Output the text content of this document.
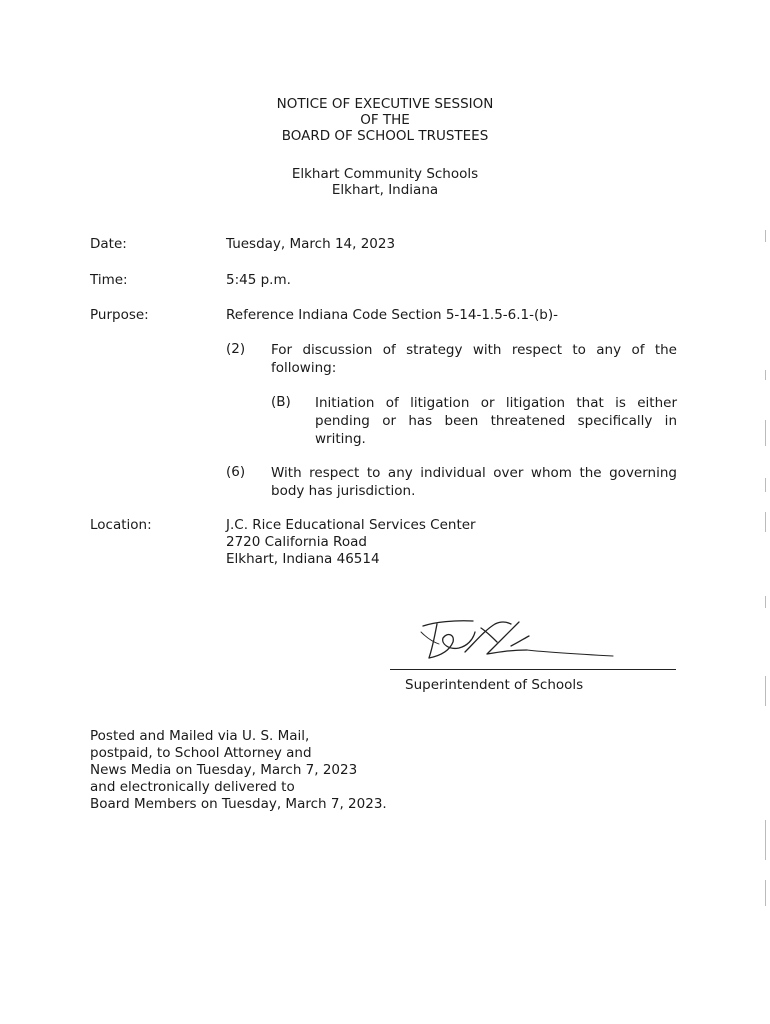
NOTICE OF EXECUTIVE SESSION
OF THE
BOARD OF SCHOOL TRUSTEES
Elkhart Community Schools
Elkhart, Indiana
Date:	Tuesday, March 14, 2023
Time:	5:45 p.m.
Purpose:	Reference Indiana Code Section 5-14-1.5-6.1-(b)-
(2) For discussion of strategy with respect to any of the following:
(B) Initiation of litigation or litigation that is either pending or has been threatened specifically in writing.
(6) With respect to any individual over whom the governing body has jurisdiction.
Location:	J.C. Rice Educational Services Center
2720 California Road
Elkhart, Indiana 46514
Superintendent of Schools
Posted and Mailed via U. S. Mail,
postpaid, to School Attorney and
News Media on Tuesday, March 7, 2023
and electronically delivered to
Board Members on Tuesday, March 7, 2023.
